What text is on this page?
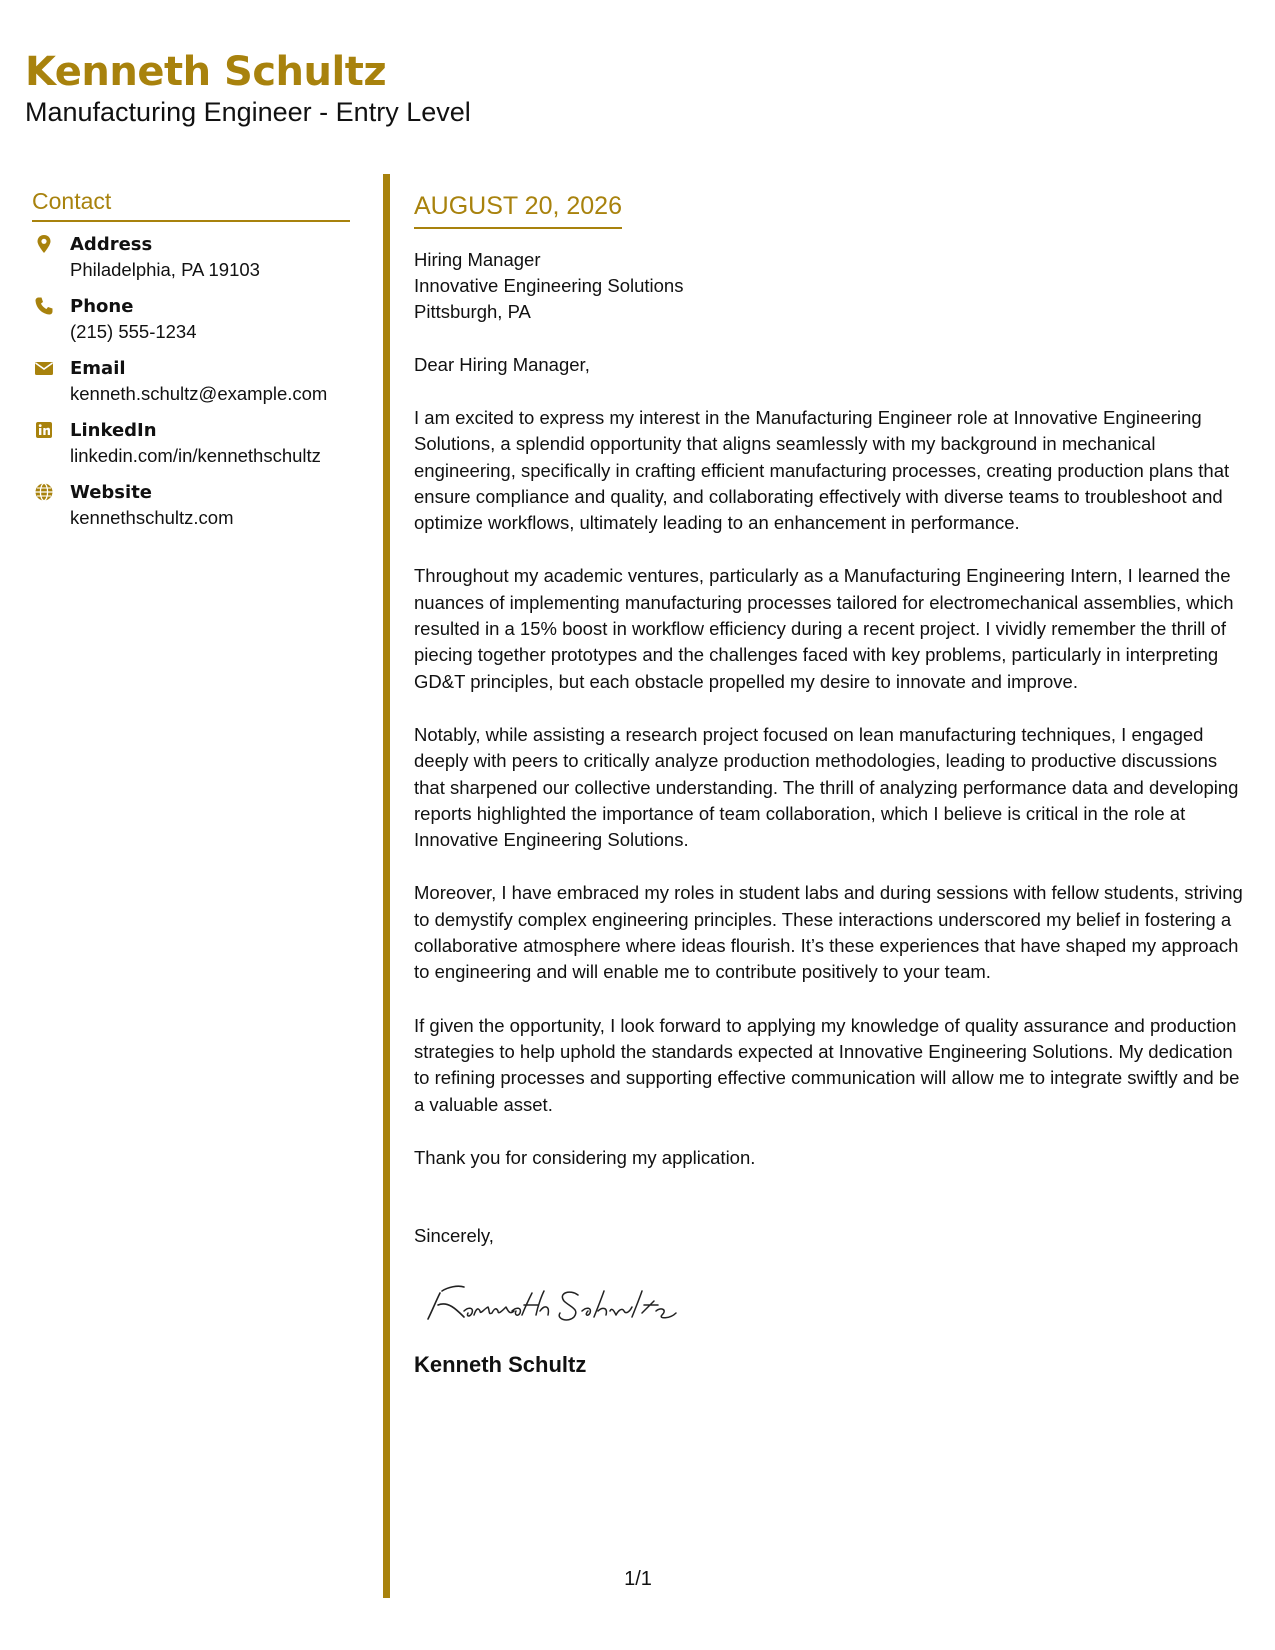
Kenneth Schultz
Manufacturing Engineer - Entry Level
Contact
Address
Philadelphia, PA 19103
Phone
(215) 555-1234
Email
kenneth.schultz@example.com
LinkedIn
linkedin.com/in/kennethschultz
Website
kennethschultz.com
AUGUST 20, 2026
Hiring Manager
Innovative Engineering Solutions
Pittsburgh, PA
Dear Hiring Manager,
I am excited to express my interest in the Manufacturing Engineer role at Innovative Engineering Solutions, a splendid opportunity that aligns seamlessly with my background in mechanical engineering, specifically in crafting efficient manufacturing processes, creating production plans that ensure compliance and quality, and collaborating effectively with diverse teams to troubleshoot and optimize workflows, ultimately leading to an enhancement in performance.
Throughout my academic ventures, particularly as a Manufacturing Engineering Intern, I learned the nuances of implementing manufacturing processes tailored for electromechanical assemblies, which resulted in a 15% boost in workflow efficiency during a recent project. I vividly remember the thrill of piecing together prototypes and the challenges faced with key problems, particularly in interpreting GD&T principles, but each obstacle propelled my desire to innovate and improve.
Notably, while assisting a research project focused on lean manufacturing techniques, I engaged deeply with peers to critically analyze production methodologies, leading to productive discussions that sharpened our collective understanding. The thrill of analyzing performance data and developing reports highlighted the importance of team collaboration, which I believe is critical in the role at Innovative Engineering Solutions.
Moreover, I have embraced my roles in student labs and during sessions with fellow students, striving to demystify complex engineering principles. These interactions underscored my belief in fostering a collaborative atmosphere where ideas flourish. It’s these experiences that have shaped my approach to engineering and will enable me to contribute positively to your team.
If given the opportunity, I look forward to applying my knowledge of quality assurance and production strategies to help uphold the standards expected at Innovative Engineering Solutions. My dedication to refining processes and supporting effective communication will allow me to integrate swiftly and be a valuable asset.
Thank you for considering my application.
Sincerely,
Kenneth Schultz
1/1
